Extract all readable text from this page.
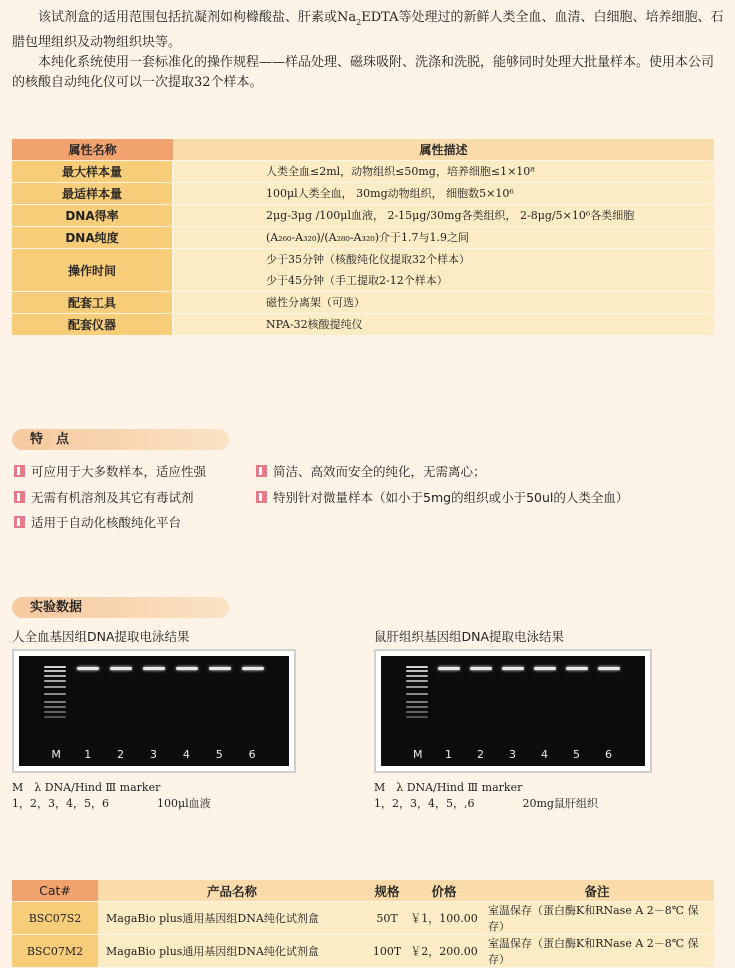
该试剂盒的适用范围包括抗凝剂如枸橼酸盐、肝素或$Na_2EDTA$等处理过的新鲜人类全血、血清、白细胞、培养细胞、石腊包埋组织及动物组织块等。

本纯化系统使用一套标准化的操作规程——样品处理、磁珠吸附、洗涤和洗脱，能够同时处理大批量样本。使用本公司的核酸自动纯化仪可以一次提取32个样本。

属性名称	属性描述
最大样本量	人类全血≤2ml，动物组织≤50mg，培养细胞≤1×10⁸

最适样本量	100μl人类全血， 30mg动物组织， 细胞数5×10⁶

DNA得率	2μg-3μg /100μl血液， 2-15μg/30mg各类组织， 2-8μg/5×10⁶各类细胞

DNA纯度	(A₂₆₀-A₃₂₀)/(A₂₈₀-A₃₂₀)介于1.7与1.9之间

操作时间	少于35分钟（核酸纯化仪提取32个样本）
少于45分钟（手工提取2-12个样本）

配套工具	磁性分离架（可选）

配套仪器	NPA-32核酸提纯仪
特　点
可应用于大多数样本，适应性强	简洁、高效而安全的纯化，无需离心；
无需有机溶剂及其它有毒试剂	特别针对微量样本（如小于5mg的组织或小于50ul的人类全血）
适用于自动化核酸纯化平台
实验数据
人全血基因组DNA提取电泳结果
M 1 2 3 4 5 6
M　λ DNA/Hind Ⅲ marker
1，2，3，4，5，6	100μl血液
鼠肝组织基因组DNA提取电泳结果
M 1 2 3 4 5 6
M　λ DNA/Hind Ⅲ marker
1，2，3，4，5，,6	20mg鼠肝组织
Cat#	产品名称	规格	价格	备注
BSC07S2	MagaBio plus通用基因组DNA纯化试剂盒	50T	￥1，100.00	室温保存（蛋白酶K和RNase A 2－8℃ 保存）
BSC07M2	MagaBio plus通用基因组DNA纯化试剂盒	100T	￥2，200.00	室温保存（蛋白酶K和RNase A 2－8℃ 保存）
